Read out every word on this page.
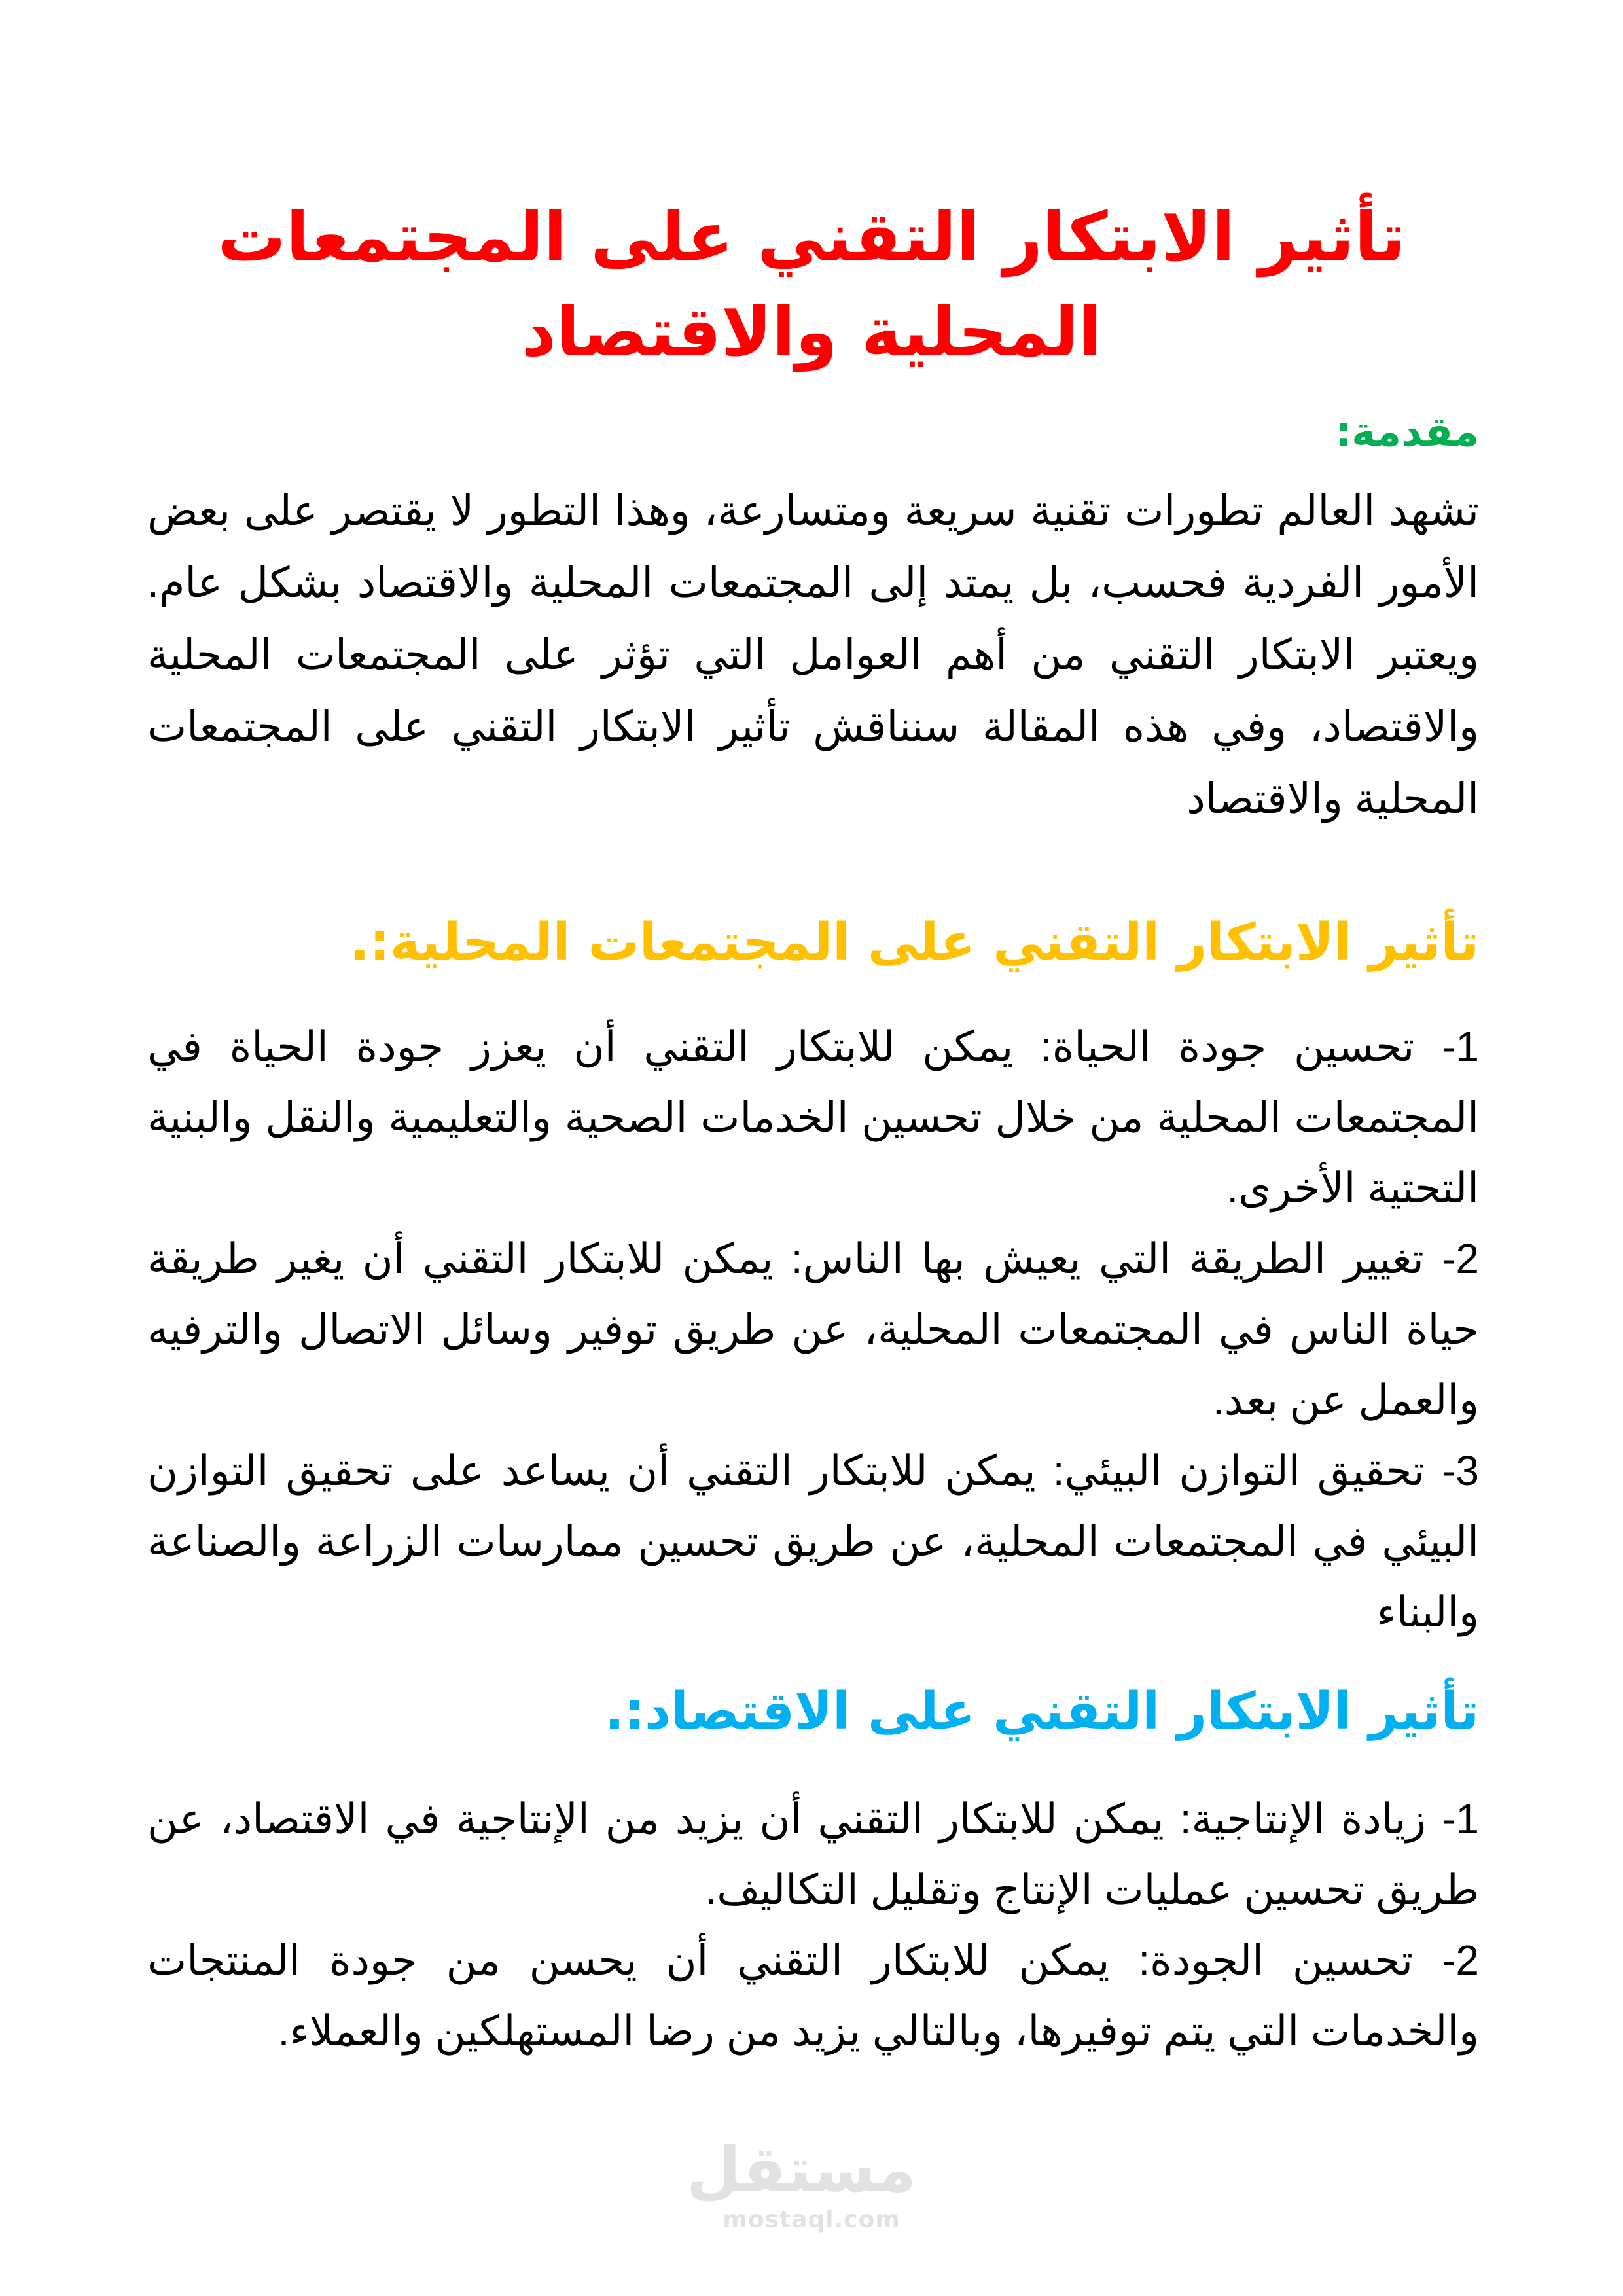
تأثير الابتكار التقني على المجتمعات المحلية والاقتصاد
مقدمة:

تشهد العالم تطورات تقنية سريعة ومتسارعة، وهذا التطور لا يقتصر على بعض الأمور الفردية فحسب، بل يمتد إلى المجتمعات المحلية والاقتصاد بشكل عام. ويعتبر الابتكار التقني من أهم العوامل التي تؤثر على المجتمعات المحلية والاقتصاد، وفي هذه المقالة سنناقش تأثير الابتكار التقني على المجتمعات المحلية والاقتصاد

تأثير الابتكار التقني على المجتمعات المحلية:.

1- تحسين جودة الحياة: يمكن للابتكار التقني أن يعزز جودة الحياة في المجتمعات المحلية من خلال تحسين الخدمات الصحية والتعليمية والنقل والبنية التحتية الأخرى.

2- تغيير الطريقة التي يعيش بها الناس: يمكن للابتكار التقني أن يغير طريقة حياة الناس في المجتمعات المحلية، عن طريق توفير وسائل الاتصال والترفيه والعمل عن بعد.

3- تحقيق التوازن البيئي: يمكن للابتكار التقني أن يساعد على تحقيق التوازن البيئي في المجتمعات المحلية، عن طريق تحسين ممارسات الزراعة والصناعة والبناء

تأثير الابتكار التقني على الاقتصاد:.

1- زيادة الإنتاجية: يمكن للابتكار التقني أن يزيد من الإنتاجية في الاقتصاد، عن طريق تحسين عمليات الإنتاج وتقليل التكاليف.

2- تحسين الجودة: يمكن للابتكار التقني أن يحسن من جودة المنتجات والخدمات التي يتم توفيرها، وبالتالي يزيد من رضا المستهلكين والعملاء.

مستقل
mostaql.com
